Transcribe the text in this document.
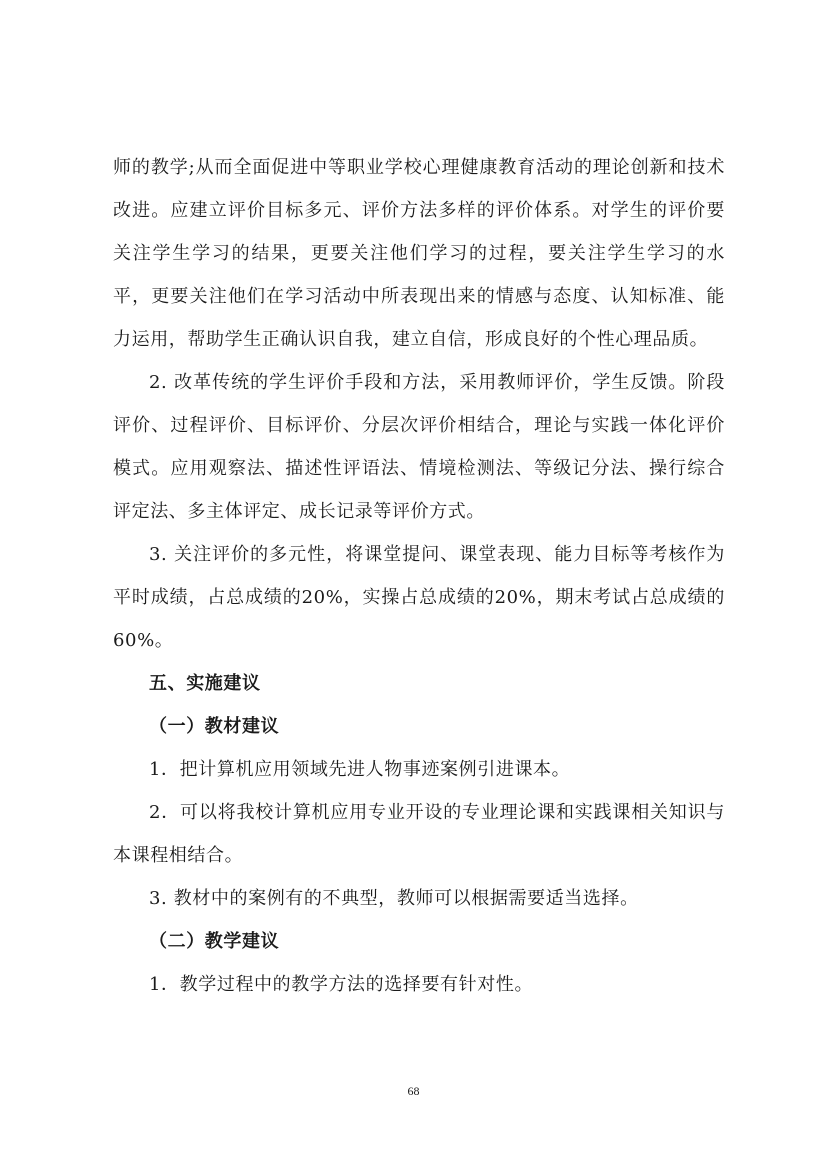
师的教学;从而全面促进中等职业学校心理健康教育活动的理论创新和技术改进。应建立评价目标多元、评价方法多样的评价体系。对学生的评价要关注学生学习的结果，更要关注他们学习的过程，要关注学生学习的水平，更要关注他们在学习活动中所表现出来的情感与态度、认知标准、能力运用，帮助学生正确认识自我，建立自信，形成良好的个性心理品质。

2. 改革传统的学生评价手段和方法，采用教师评价，学生反馈。阶段评价、过程评价、目标评价、分层次评价相结合，理论与实践一体化评价模式。应用观察法、描述性评语法、情境检测法、等级记分法、操行综合评定法、多主体评定、成长记录等评价方式。

3. 关注评价的多元性，将课堂提问、课堂表现、能力目标等考核作为平时成绩，占总成绩的20%，实操占总成绩的20%，期末考试占总成绩的60%。

五、实施建议

（一）教材建议

1．把计算机应用领域先进人物事迹案例引进课本。

2．可以将我校计算机应用专业开设的专业理论课和实践课相关知识与本课程相结合。

3. 教材中的案例有的不典型，教师可以根据需要适当选择。

（二）教学建议

1．教学过程中的教学方法的选择要有针对性。

68
